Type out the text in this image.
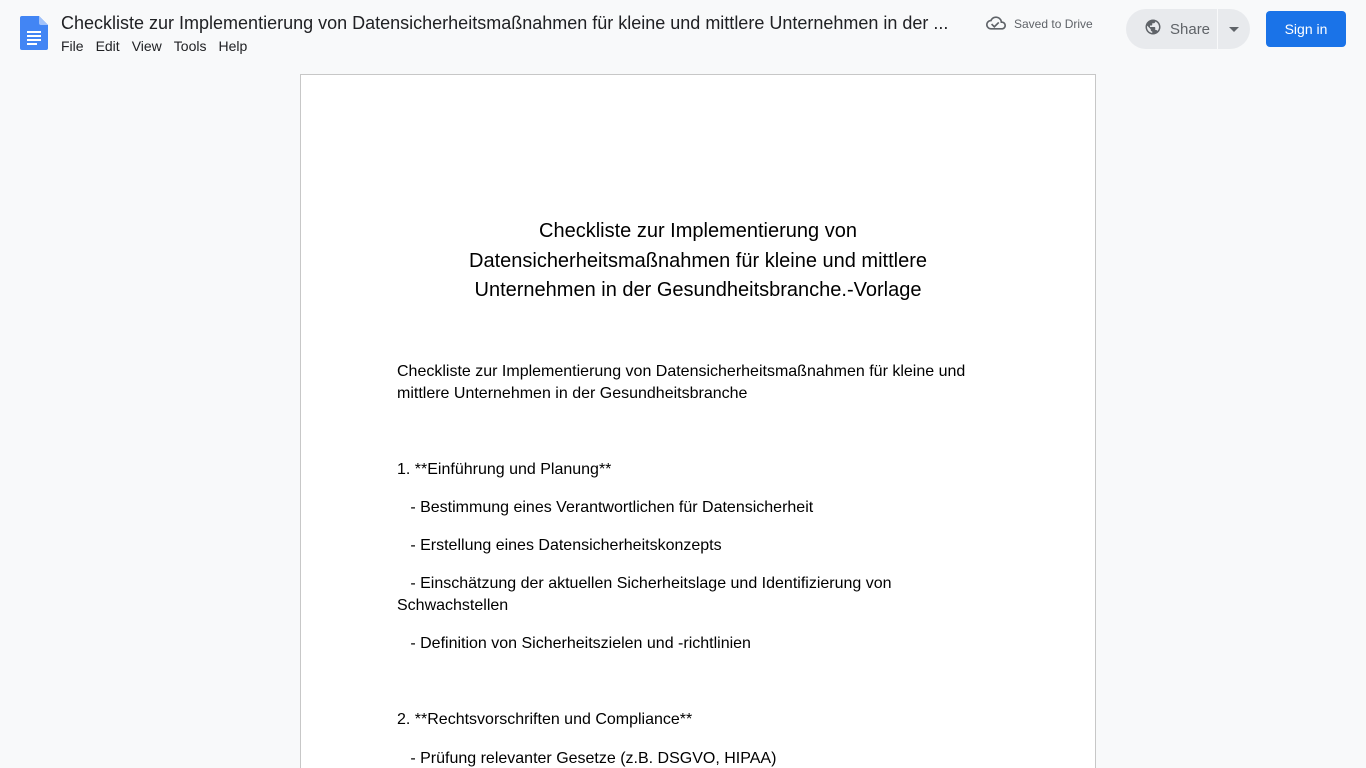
Checkliste zur Implementierung von Datensicherheitsmaßnahmen für kleine und mittlere Unternehmen in der ...
File Edit View Tools Help
Saved to Drive	Share	Sign in
Checkliste zur Implementierung von
Datensicherheitsmaßnahmen für kleine und mittlere
Unternehmen in der Gesundheitsbranche.-Vorlage
Checkliste zur Implementierung von Datensicherheitsmaßnahmen für kleine und mittlere Unternehmen in der Gesundheitsbranche
1. **Einführung und Planung**
- Bestimmung eines Verantwortlichen für Datensicherheit
- Erstellung eines Datensicherheitskonzepts
- Einschätzung der aktuellen Sicherheitslage und Identifizierung von Schwachstellen
- Definition von Sicherheitszielen und -richtlinien
2. **Rechtsvorschriften und Compliance**
- Prüfung relevanter Gesetze (z.B. DSGVO, HIPAA)
